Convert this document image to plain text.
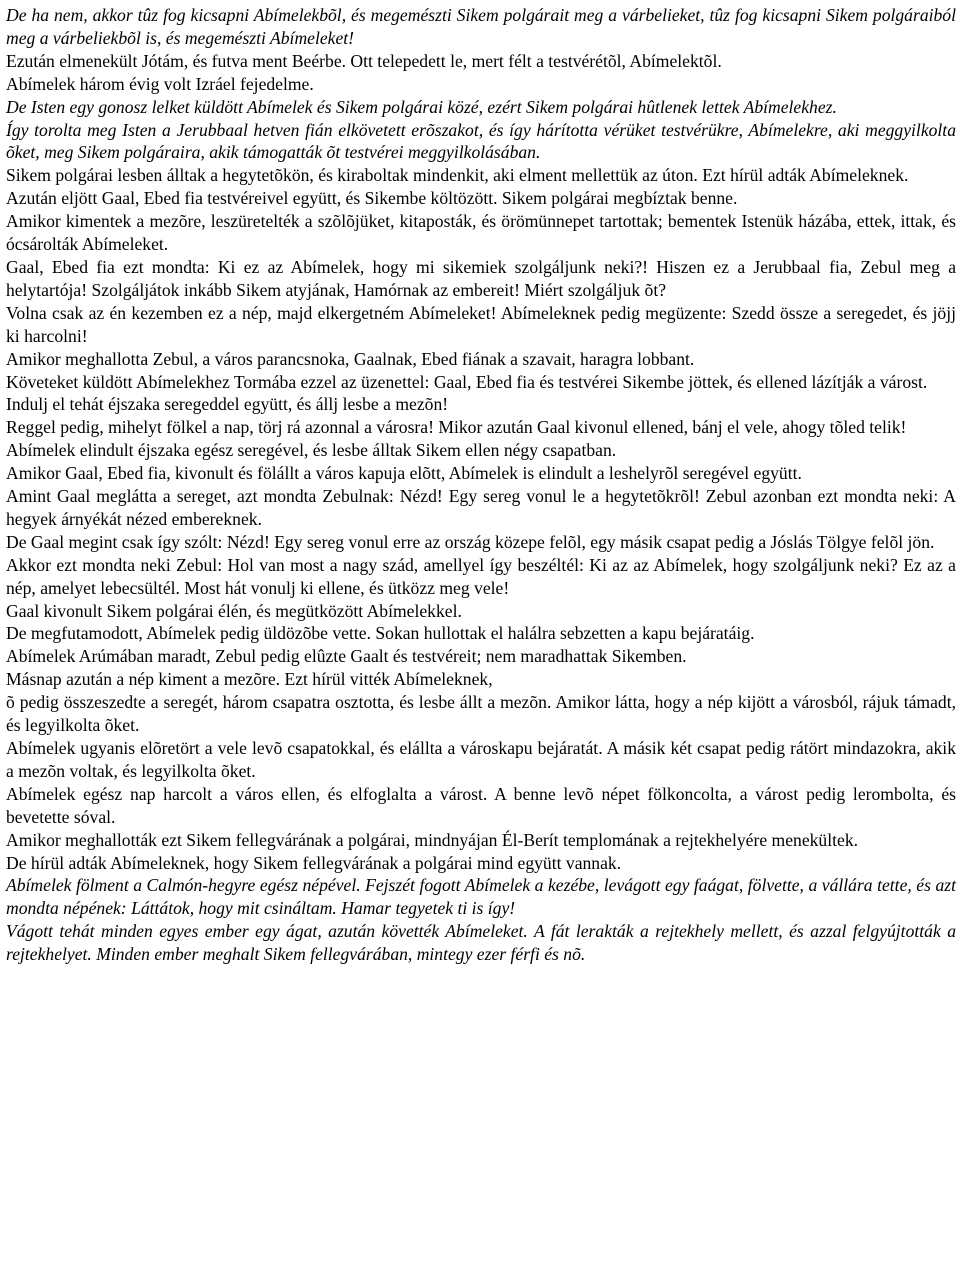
De ha nem, akkor tûz fog kicsapni Abímelekbõl, és megemészti Sikem polgárait meg a várbelieket, tûz fog kicsapni Sikem polgáraiból meg a várbeliekbõl is, és megemészti Abímeleket!

Ezután elmenekült Jótám, és futva ment Beérbe. Ott telepedett le, mert félt a testvérétõl, Abímelektõl.

Abímelek három évig volt Izráel fejedelme.

De Isten egy gonosz lelket küldött Abímelek és Sikem polgárai közé, ezért Sikem polgárai hûtlenek lettek Abímelekhez.

Így torolta meg Isten a Jerubbaal hetven fián elkövetett erõszakot, és így hárította vérüket testvérükre, Abímelekre, aki meggyilkolta õket, meg Sikem polgáraira, akik támogatták õt testvérei meggyilkolásában.

Sikem polgárai lesben álltak a hegytetõkön, és kiraboltak mindenkit, aki elment mellettük az úton. Ezt hírül adták Abímeleknek.

Azután eljött Gaal, Ebed fia testvéreivel együtt, és Sikembe költözött. Sikem polgárai megbíztak benne.

Amikor kimentek a mezõre, leszüretelték a szõlõjüket, kitaposták, és örömünnepet tartottak; bementek Istenük házába, ettek, ittak, és ócsárolták Abímeleket.

Gaal, Ebed fia ezt mondta: Ki ez az Abímelek, hogy mi sikemiek szolgáljunk neki?! Hiszen ez a Jerubbaal fia, Zebul meg a helytartója! Szolgáljátok inkább Sikem atyjának, Hamórnak az embereit! Miért szolgáljuk õt?

Volna csak az én kezemben ez a nép, majd elkergetném Abímeleket! Abímeleknek pedig megüzente: Szedd össze a seregedet, és jöjj ki harcolni!

Amikor meghallotta Zebul, a város parancsnoka, Gaalnak, Ebed fiának a szavait, haragra lobbant.

Követeket küldött Abímelekhez Tormába ezzel az üzenettel: Gaal, Ebed fia és testvérei Sikembe jöttek, és ellened lázítják a várost.

Indulj el tehát éjszaka seregeddel együtt, és állj lesbe a mezõn!

Reggel pedig, mihelyt fölkel a nap, törj rá azonnal a városra! Mikor azután Gaal kivonul ellened, bánj el vele, ahogy tõled telik!

Abímelek elindult éjszaka egész seregével, és lesbe álltak Sikem ellen négy csapatban.

Amikor Gaal, Ebed fia, kivonult és fölállt a város kapuja elõtt, Abímelek is elindult a leshelyrõl seregével együtt.

Amint Gaal meglátta a sereget, azt mondta Zebulnak: Nézd! Egy sereg vonul le a hegytetõkrõl! Zebul azonban ezt mondta neki: A hegyek árnyékát nézed embereknek.

De Gaal megint csak így szólt: Nézd! Egy sereg vonul erre az ország közepe felõl, egy másik csapat pedig a Jóslás Tölgye felõl jön.

Akkor ezt mondta neki Zebul: Hol van most a nagy szád, amellyel így beszéltél: Ki az az Abímelek, hogy szolgáljunk neki? Ez az a nép, amelyet lebecsültél. Most hát vonulj ki ellene, és ütközz meg vele!

Gaal kivonult Sikem polgárai élén, és megütközött Abímelekkel.

De megfutamodott, Abímelek pedig üldözõbe vette. Sokan hullottak el halálra sebzetten a kapu bejáratáig.

Abímelek Arúmában maradt, Zebul pedig elûzte Gaalt és testvéreit; nem maradhattak Sikemben.

Másnap azután a nép kiment a mezõre. Ezt hírül vitték Abímeleknek,

õ pedig összeszedte a seregét, három csapatra osztotta, és lesbe állt a mezõn. Amikor látta, hogy a nép kijött a városból, rájuk támadt, és legyilkolta õket.

Abímelek ugyanis elõretört a vele levõ csapatokkal, és elállta a városkapu bejáratát. A másik két csapat pedig rátört mindazokra, akik a mezõn voltak, és legyilkolta õket.

Abímelek egész nap harcolt a város ellen, és elfoglalta a várost. A benne levõ népet fölkoncolta, a várost pedig lerombolta, és bevetette sóval.

Amikor meghallották ezt Sikem fellegvárának a polgárai, mindnyájan Él-Berít templomának a rejtekhelyére menekültek.

De hírül adták Abímeleknek, hogy Sikem fellegvárának a polgárai mind együtt vannak.

Abímelek fölment a Calmón-hegyre egész népével. Fejszét fogott Abímelek a kezébe, levágott egy faágat, fölvette, a vállára tette, és azt mondta népének: Láttátok, hogy mit csináltam. Hamar tegyetek ti is így!

Vágott tehát minden egyes ember egy ágat, azután követték Abímeleket. A fát lerakták a rejtekhely mellett, és azzal felgyújtották a rejtekhelyet. Minden ember meghalt Sikem fellegvárában, mintegy ezer férfi és nõ.
